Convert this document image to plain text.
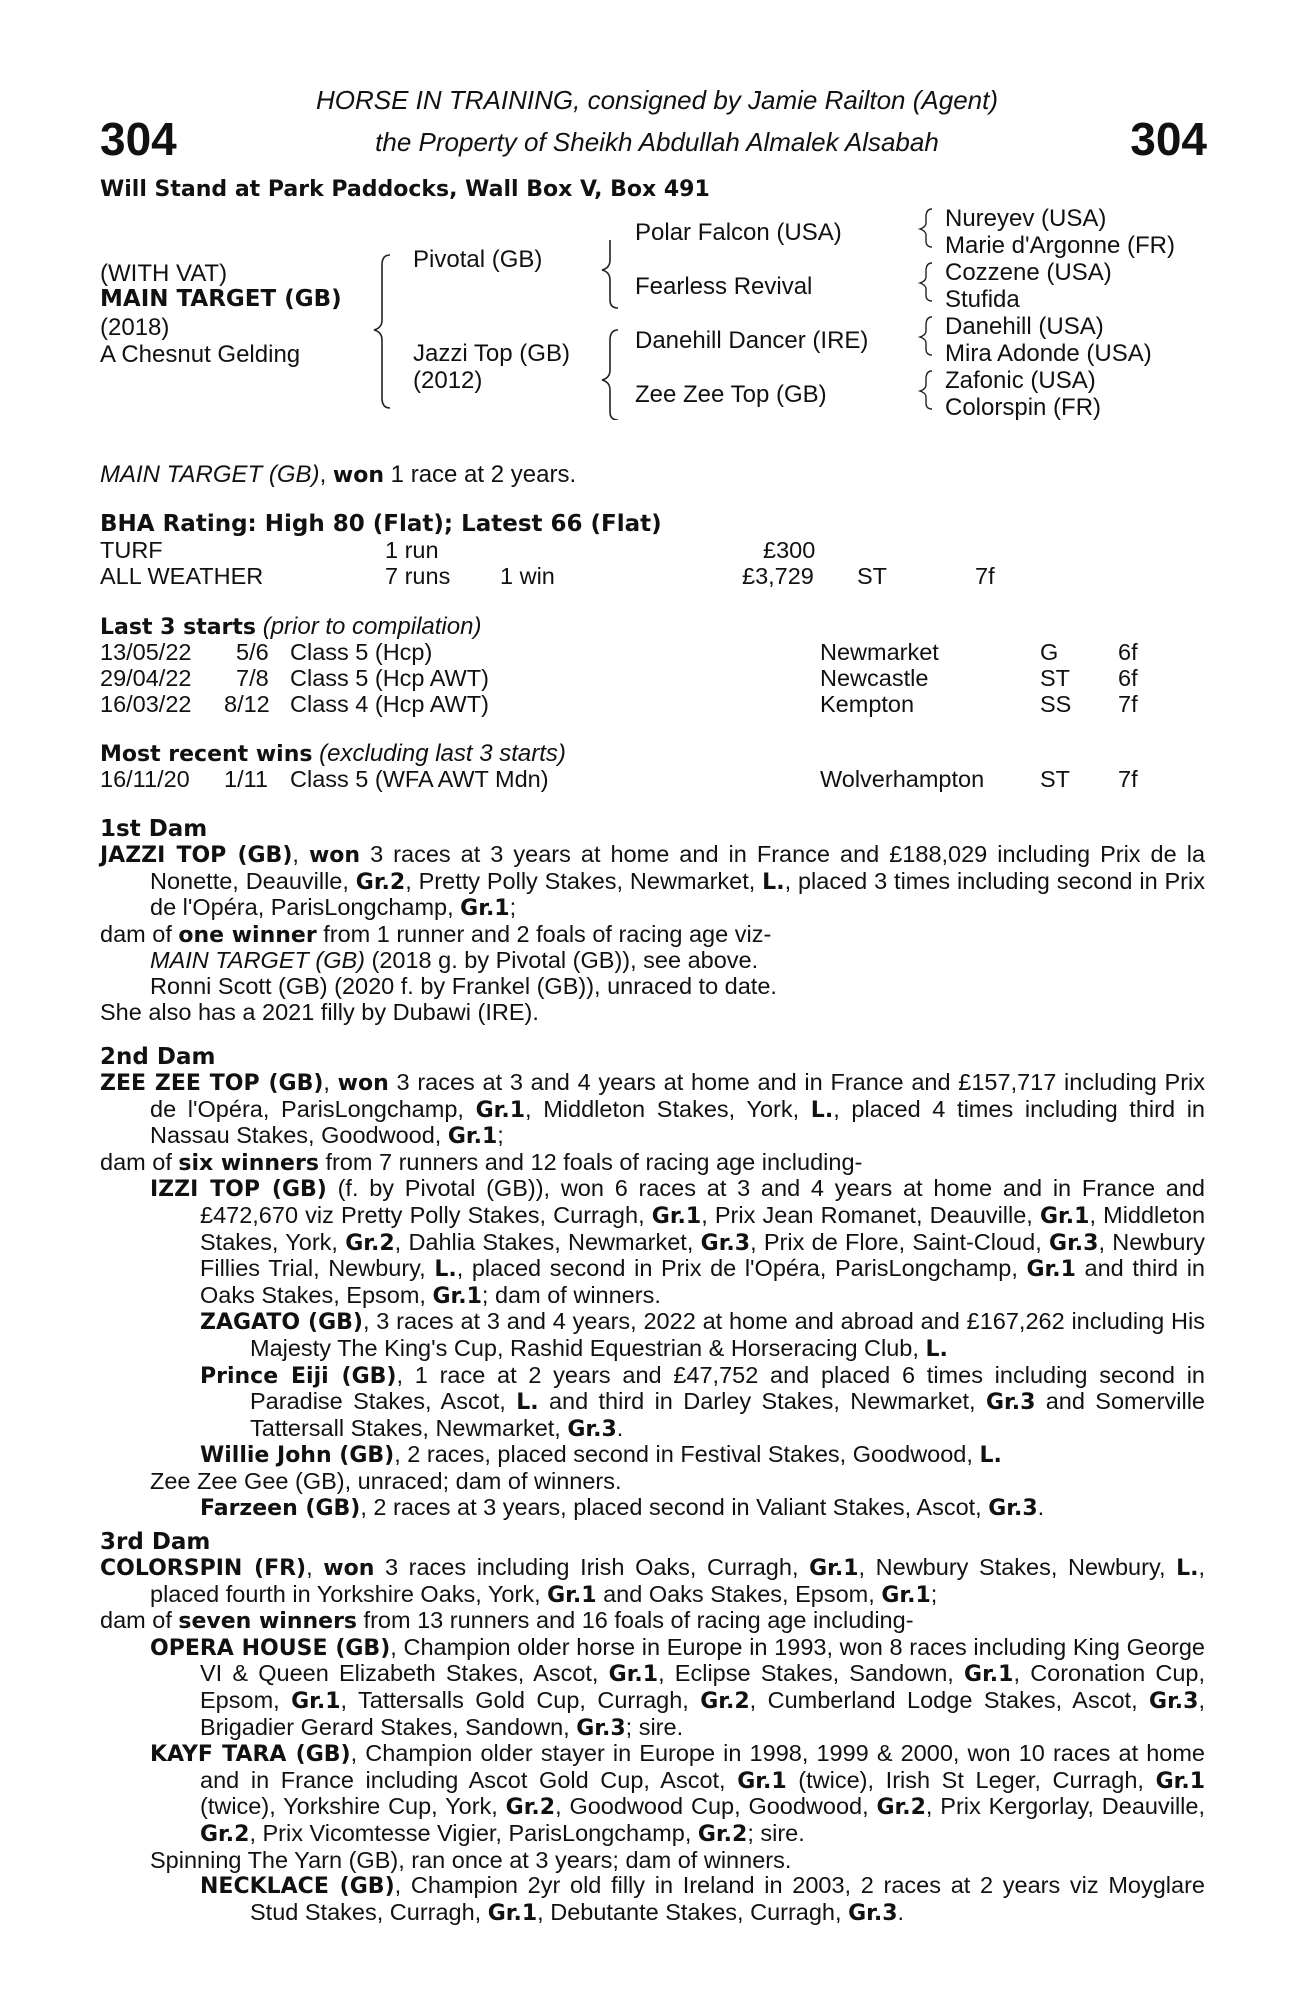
304	304
HORSE IN TRAINING, consigned by Jamie Railton (Agent)
the Property of Sheikh Abdullah Almalek Alsabah
Will Stand at Park Paddocks, Wall Box V, Box 491
(WITH VAT)
MAIN TARGET (GB)
(2018)
A Chesnut Gelding
Pivotal (GB)
Jazzi Top (GB)
(2012)
Polar Falcon (USA)
Fearless Revival
Danehill Dancer (IRE)
Zee Zee Top (GB)
Nureyev (USA)
Marie d'Argonne (FR)
Cozzene (USA)
Stufida
Danehill (USA)
Mira Adonde (USA)
Zafonic (USA)
Colorspin (FR)
MAIN TARGET (GB), won 1 race at 2 years.
BHA Rating: High 80 (Flat); Latest 66 (Flat)
TURF	1 run	£300
ALL WEATHER	7 runs 1 win	£3,729 ST	7f
Last 3 starts (prior to compilation)
13/05/22 5/6 Class 5 (Hcp)	Newmarket	G	6f
29/04/22 7/8 Class 5 (Hcp AWT)	Newcastle	ST 6f
16/03/22 8/12 Class 4 (Hcp AWT)	Kempton	SS 7f
Most recent wins (excluding last 3 starts)
16/11/20 1/11 Class 5 (WFA AWT Mdn)	Wolverhampton ST 7f
1st Dam

JAZZI TOP (GB), won 3 races at 3 years at home and in France and £188,029 including Prix de la Nonette, Deauville, Gr.2, Pretty Polly Stakes, Newmarket, L., placed 3 times including second in Prix de l'Opéra, ParisLongchamp, Gr.1;

dam of one winner from 1 runner and 2 foals of racing age viz-

MAIN TARGET (GB) (2018 g. by Pivotal (GB)), see above.

Ronni Scott (GB) (2020 f. by Frankel (GB)), unraced to date.

She also has a 2021 filly by Dubawi (IRE).

2nd Dam

ZEE ZEE TOP (GB), won 3 races at 3 and 4 years at home and in France and £157,717 including Prix de l'Opéra, ParisLongchamp, Gr.1, Middleton Stakes, York, L., placed 4 times including third in Nassau Stakes, Goodwood, Gr.1;

dam of six winners from 7 runners and 12 foals of racing age including-

IZZI TOP (GB) (f. by Pivotal (GB)), won 6 races at 3 and 4 years at home and in France and £472,670 viz Pretty Polly Stakes, Curragh, Gr.1, Prix Jean Romanet, Deauville, Gr.1, Middleton Stakes, York, Gr.2, Dahlia Stakes, Newmarket, Gr.3, Prix de Flore, Saint-Cloud, Gr.3, Newbury Fillies Trial, Newbury, L., placed second in Prix de l'Opéra, ParisLongchamp, Gr.1 and third in Oaks Stakes, Epsom, Gr.1; dam of winners.

ZAGATO (GB), 3 races at 3 and 4 years, 2022 at home and abroad and £167,262 including His Majesty The King's Cup, Rashid Equestrian & Horseracing Club, L.

Prince Eiji (GB), 1 race at 2 years and £47,752 and placed 6 times including second in Paradise Stakes, Ascot, L. and third in Darley Stakes, Newmarket, Gr.3 and Somerville Tattersall Stakes, Newmarket, Gr.3.

Willie John (GB), 2 races, placed second in Festival Stakes, Goodwood, L.

Zee Zee Gee (GB), unraced; dam of winners.

Farzeen (GB), 2 races at 3 years, placed second in Valiant Stakes, Ascot, Gr.3.

3rd Dam

COLORSPIN (FR), won 3 races including Irish Oaks, Curragh, Gr.1, Newbury Stakes, Newbury, L., placed fourth in Yorkshire Oaks, York, Gr.1 and Oaks Stakes, Epsom, Gr.1;

dam of seven winners from 13 runners and 16 foals of racing age including-

OPERA HOUSE (GB), Champion older horse in Europe in 1993, won 8 races including King George VI & Queen Elizabeth Stakes, Ascot, Gr.1, Eclipse Stakes, Sandown, Gr.1, Coronation Cup, Epsom, Gr.1, Tattersalls Gold Cup, Curragh, Gr.2, Cumberland Lodge Stakes, Ascot, Gr.3, Brigadier Gerard Stakes, Sandown, Gr.3; sire.

KAYF TARA (GB), Champion older stayer in Europe in 1998, 1999 & 2000, won 10 races at home and in France including Ascot Gold Cup, Ascot, Gr.1 (twice), Irish St Leger, Curragh, Gr.1 (twice), Yorkshire Cup, York, Gr.2, Goodwood Cup, Goodwood, Gr.2, Prix Kergorlay, Deauville, Gr.2, Prix Vicomtesse Vigier, ParisLongchamp, Gr.2; sire.

Spinning The Yarn (GB), ran once at 3 years; dam of winners.

NECKLACE (GB), Champion 2yr old filly in Ireland in 2003, 2 races at 2 years viz Moyglare Stud Stakes, Curragh, Gr.1, Debutante Stakes, Curragh, Gr.3.
